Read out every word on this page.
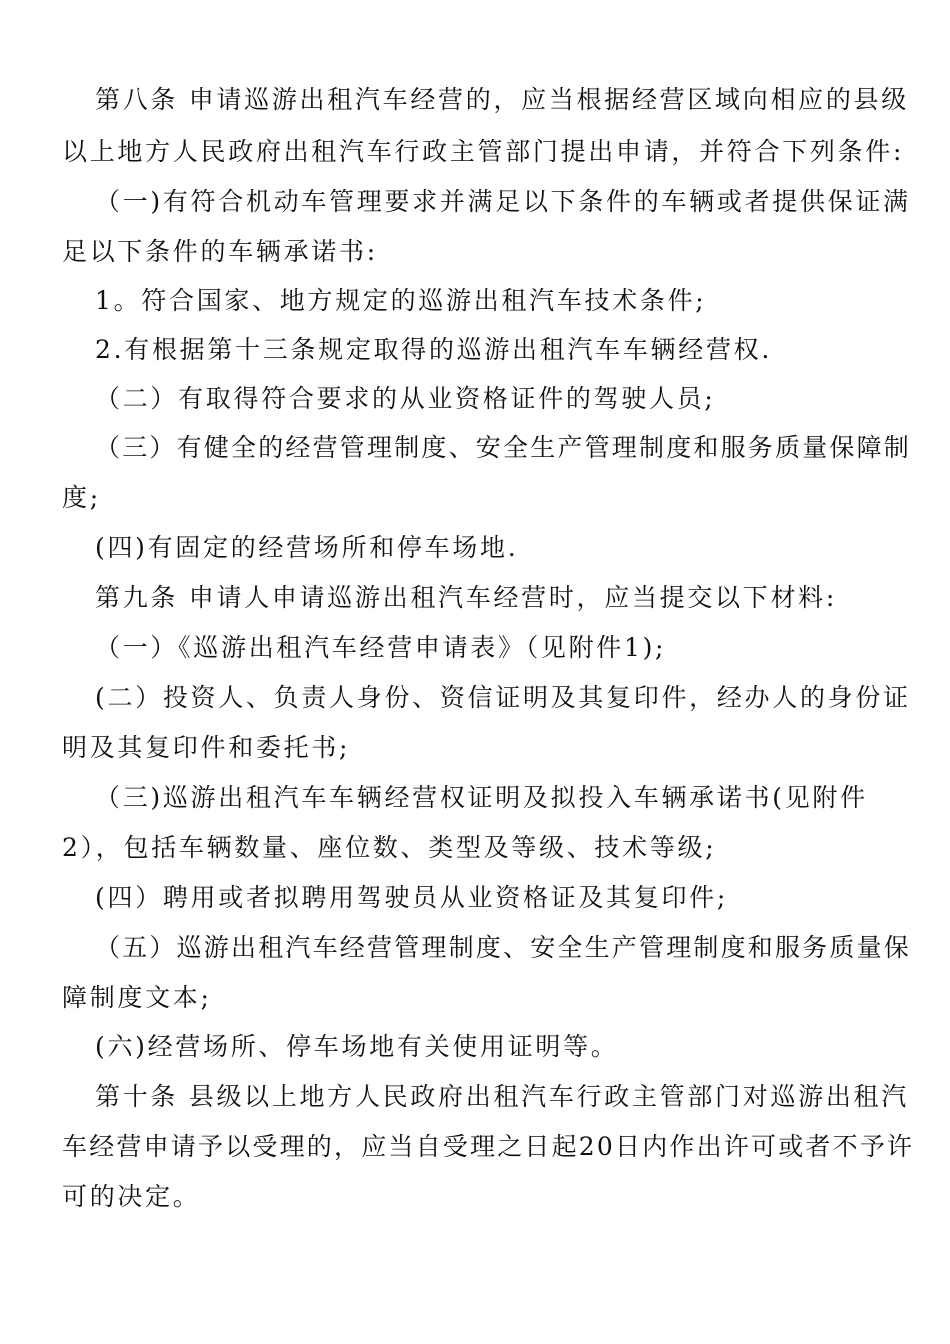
第八条 申请巡游出租汽车经营的，应当根据经营区域向相应的县级
以上地方人民政府出租汽车行政主管部门提出申请，并符合下列条件:
（一)有符合机动车管理要求并满足以下条件的车辆或者提供保证满
足以下条件的车辆承诺书:
1。符合国家、地方规定的巡游出租汽车技术条件;
2.有根据第十三条规定取得的巡游出租汽车车辆经营权.
（二）有取得符合要求的从业资格证件的驾驶人员;
（三）有健全的经营管理制度、安全生产管理制度和服务质量保障制
度;
(四)有固定的经营场所和停车场地.
第九条 申请人申请巡游出租汽车经营时，应当提交以下材料:
（一）《巡游出租汽车经营申请表》（见附件1);
(二）投资人、负责人身份、资信证明及其复印件，经办人的身份证
明及其复印件和委托书;
（三)巡游出租汽车车辆经营权证明及拟投入车辆承诺书(见附件
2），包括车辆数量、座位数、类型及等级、技术等级;
(四）聘用或者拟聘用驾驶员从业资格证及其复印件;
（五）巡游出租汽车经营管理制度、安全生产管理制度和服务质量保
障制度文本;
(六)经营场所、停车场地有关使用证明等。
第十条 县级以上地方人民政府出租汽车行政主管部门对巡游出租汽
车经营申请予以受理的，应当自受理之日起20日内作出许可或者不予许
可的决定。
